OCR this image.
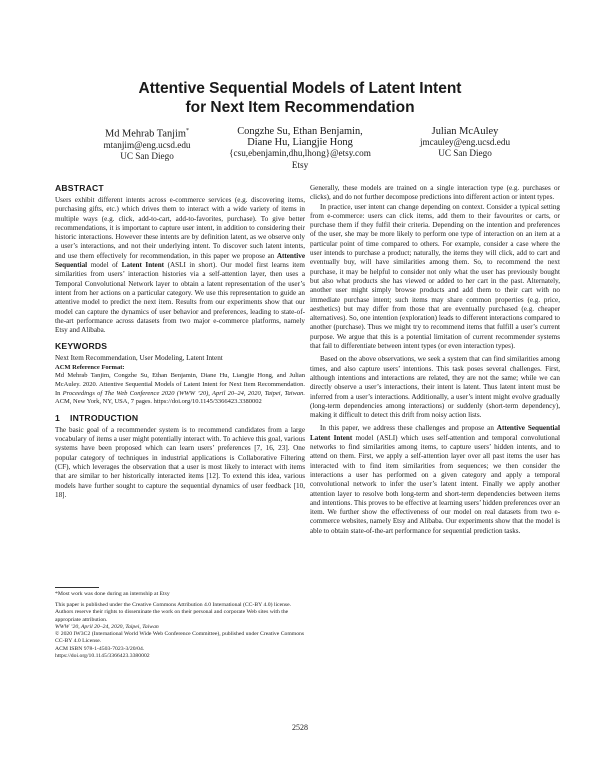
Attentive Sequential Models of Latent Intent
for Next Item Recommendation
Md Mehrab Tanjim*
mtanjim@eng.ucsd.edu
UC San Diego
Congzhe Su, Ethan Benjamin,
Diane Hu, Liangjie Hong
{csu,ebenjamin,dhu,lhong}@etsy.com
Etsy
Julian McAuley
jmcauley@eng.ucsd.edu
UC San Diego
ABSTRACT

Users exhibit different intents across e-commerce services (e.g. discovering items, purchasing gifts, etc.) which drives them to interact with a wide variety of items in multiple ways (e.g. click, add-to-cart, add-to-favorites, purchase). To give better recommendations, it is important to capture user intent, in addition to considering their historic interactions. However these intents are by definition latent, as we observe only a user’s interactions, and not their underlying intent. To discover such latent intents, and use them effectively for recommendation, in this paper we propose an Attentive Sequential model of Latent Intent (ASLI in short). Our model first learns item similarities from users’ interaction histories via a self-attention layer, then uses a Temporal Convolutional Network layer to obtain a latent representation of the user’s intent from her actions on a particular category. We use this representation to guide an attentive model to predict the next item. Results from our experiments show that our model can capture the dynamics of user behavior and preferences, leading to state-of-the-art performance across datasets from two major e-commerce platforms, namely Etsy and Alibaba.

KEYWORDS

Next Item Recommendation, User Modeling, Latent Intent

ACM Reference Format:

Md Mehrab Tanjim, Congzhe Su, Ethan Benjamin, Diane Hu, Liangjie Hong, and Julian McAuley. 2020. Attentive Sequential Models of Latent Intent for Next Item Recommendation. In Proceedings of The Web Conference 2020 (WWW ’20), April 20–24, 2020, Taipei, Taiwan. ACM, New York, NY, USA, 7 pages. https://doi.org/10.1145/3366423.3380002

1 INTRODUCTION

The basic goal of a recommender system is to recommend candidates from a large vocabulary of items a user might potentially interact with. To achieve this goal, various systems have been proposed which can learn users’ preferences [7, 16, 23]. One popular category of techniques in industrial applications is Collaborative Filtering (CF), which leverages the observation that a user is most likely to interact with items that are similar to her historically interacted items [12]. To extend this idea, various models have further sought to capture the sequential dynamics of user feedback [10, 18].

*Most work was done during an internship at Etsy

This paper is published under the Creative Commons Attribution 4.0 International (CC-BY 4.0) license. Authors reserve their rights to disseminate the work on their personal and corporate Web sites with the appropriate attribution.

WWW ’20, April 20–24, 2020, Taipei, Taiwan

© 2020 IW3C2 (International World Wide Web Conference Committee), published under Creative Commons CC-BY 4.0 License.

ACM ISBN 978-1-4503-7023-3/20/04.

https://doi.org/10.1145/3366423.3380002

Generally, these models are trained on a single interaction type (e.g. purchases or clicks), and do not further decompose predictions into different action or intent types.

In practice, user intent can change depending on context. Consider a typical setting from e-commerce: users can click items, add them to their favourites or carts, or purchase them if they fulfil their criteria. Depending on the intention and preferences of the user, she may be more likely to perform one type of interaction on an item at a particular point of time compared to others. For example, consider a case where the user intends to purchase a product; naturally, the items they will click, add to cart and eventually buy, will have similarities among them. So, to recommend the next purchase, it may be helpful to consider not only what the user has previously bought but also what products she has viewed or added to her cart in the past. Alternately, another user might simply browse products and add them to their cart with no immediate purchase intent; such items may share common properties (e.g. price, aesthetics) but may differ from those that are eventually purchased (e.g. cheaper alternatives). So, one intention (exploration) leads to different interactions compared to another (purchase). Thus we might try to recommend items that fulfill a user’s current purpose. We argue that this is a potential limitation of current recommender systems that fail to differentiate between intent types (or even interaction types).

Based on the above observations, we seek a system that can find similarities among times, and also capture users’ intentions. This task poses several challenges. First, although intentions and interactions are related, they are not the same; while we can directly observe a user’s interactions, their intent is latent. Thus latent intent must be inferred from a user’s interactions. Additionally, a user’s intent might evolve gradually (long-term dependencies among interactions) or suddenly (short-term dependency), making it difficult to detect this drift from noisy action lists.

In this paper, we address these challenges and propose an Attentive Sequential Latent Intent model (ASLI) which uses self-attention and temporal convolutional networks to find similarities among items, to capture users’ hidden intents, and to attend on them. First, we apply a self-attention layer over all past items the user has interacted with to find item similarities from sequences; we then consider the interactions a user has performed on a given category and apply a temporal convolutional network to infer the user’s latent intent. Finally we apply another attention layer to resolve both long-term and short-term dependencies between items and intentions. This proves to be effective at learning users’ hidden preferences over an item. We further show the effectiveness of our model on real datasets from two e-commerce websites, namely Etsy and Alibaba. Our experiments show that the model is able to obtain state-of-the-art performance for sequential prediction tasks.

2528
